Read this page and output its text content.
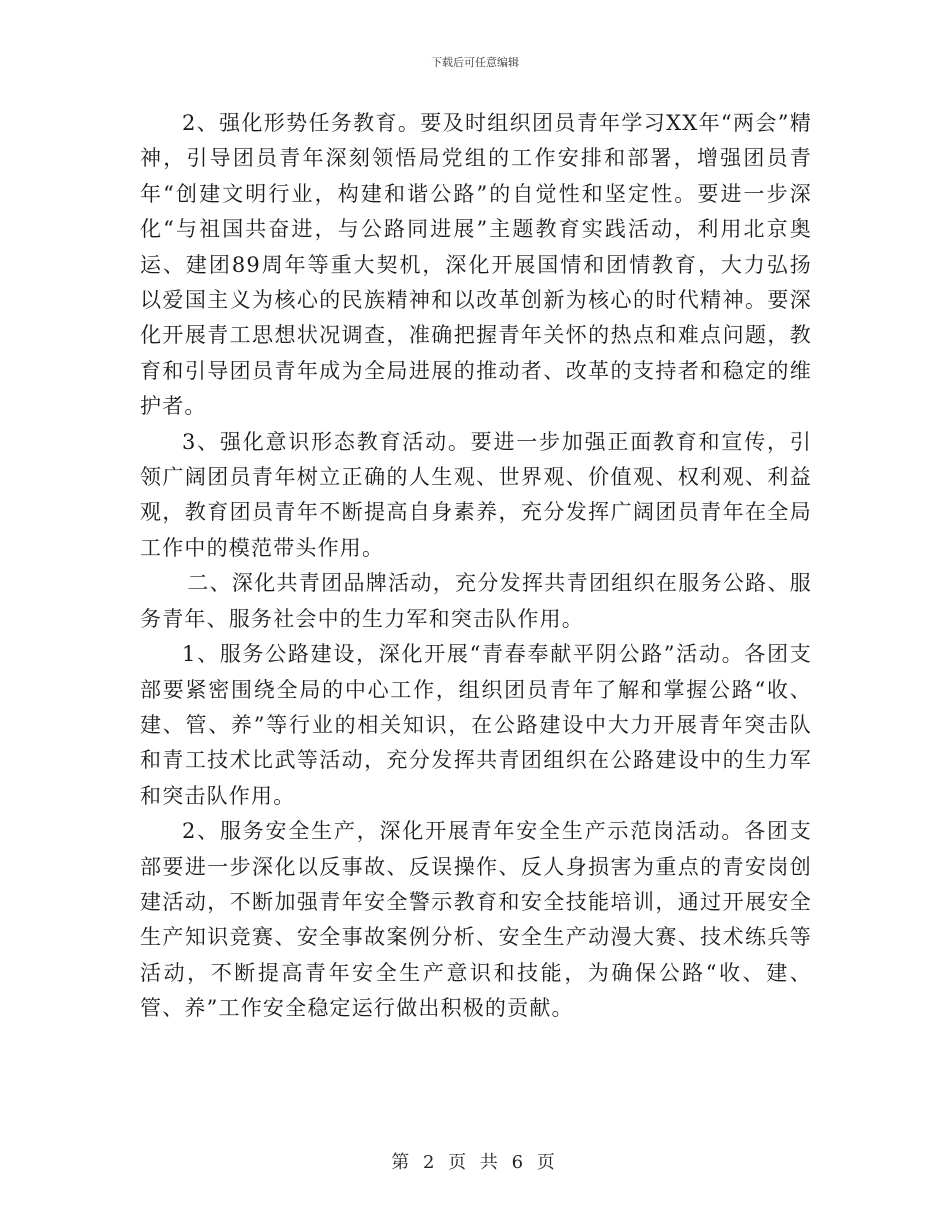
下载后可任意编辑

2、强化形势任务教育。要及时组织团员青年学习XX年“两会”精神，引导团员青年深刻领悟局党组的工作安排和部署，增强团员青年“创建文明行业，构建和谐公路”的自觉性和坚定性。要进一步深化“与祖国共奋进，与公路同进展”主题教育实践活动，利用北京奥运、建团89周年等重大契机，深化开展国情和团情教育，大力弘扬以爱国主义为核心的民族精神和以改革创新为核心的时代精神。要深化开展青工思想状况调查，准确把握青年关怀的热点和难点问题，教育和引导团员青年成为全局进展的推动者、改革的支持者和稳定的维护者。

3、强化意识形态教育活动。要进一步加强正面教育和宣传，引领广阔团员青年树立正确的人生观、世界观、价值观、权利观、利益观，教育团员青年不断提高自身素养，充分发挥广阔团员青年在全局工作中的模范带头作用。

二、深化共青团品牌活动，充分发挥共青团组织在服务公路、服务青年、服务社会中的生力军和突击队作用。

1、服务公路建设，深化开展“青春奉献平阴公路”活动。各团支部要紧密围绕全局的中心工作，组织团员青年了解和掌握公路“收、建、管、养”等行业的相关知识，在公路建设中大力开展青年突击队和青工技术比武等活动，充分发挥共青团组织在公路建设中的生力军和突击队作用。

2、服务安全生产，深化开展青年安全生产示范岗活动。各团支部要进一步深化以反事故、反误操作、反人身损害为重点的青安岗创建活动，不断加强青年安全警示教育和安全技能培训，通过开展安全生产知识竞赛、安全事故案例分析、安全生产动漫大赛、技术练兵等活动，不断提高青年安全生产意识和技能，为确保公路“收、建、管、养”工作安全稳定运行做出积极的贡献。

第 2 页 共 6 页
